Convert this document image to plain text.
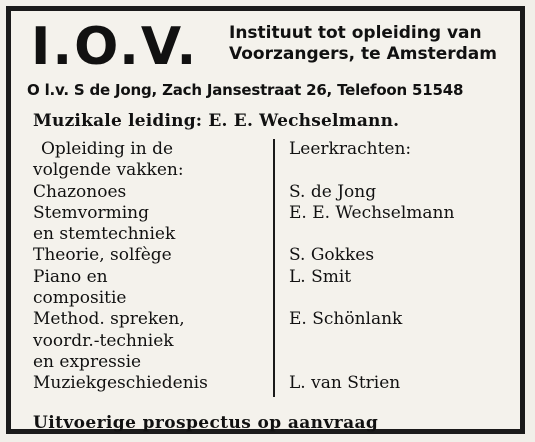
I.O.V. Instituut tot opleiding van
Voorzangers, te Amsterdam
O l.v. S de Jong, Zach Jansestraat 26, Telefoon 51548
Muzikale leiding: E. E. Wechselmann.
Opleiding in de
volgende vakken:
Chazonoes
Stemvorming
en stemtechniek
Theorie, solfège
Piano en
compositie
Method. spreken,
voordr.-techniek
en expressie
Muziekgeschiedenis
Leerkrachten:
S. de Jong
E. E. Wechselmann
S. Gokkes
L. Smit
E. Schönlank
L. van Strien
Uitvoerige prospectus op aanvraag
